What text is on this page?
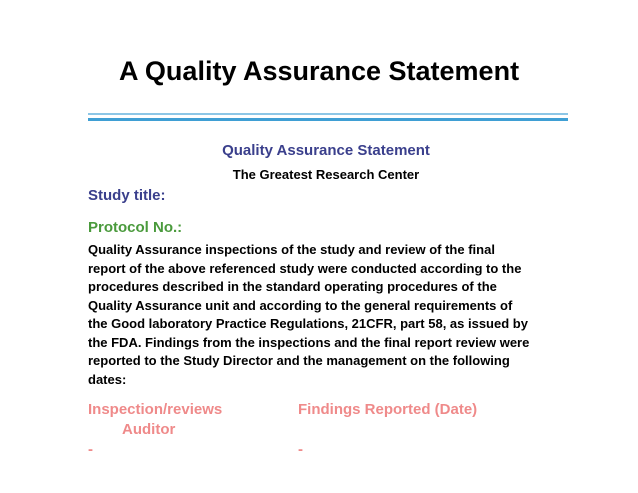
A Quality Assurance Statement
Quality Assurance Statement
The Greatest Research Center
Study title:
Protocol No.:
Quality Assurance inspections of the study and review of the final
report of the above referenced study were conducted according to the
procedures described in the standard operating procedures of the
Quality Assurance unit and according to the general requirements of
the Good laboratory Practice Regulations, 21CFR, part 58, as issued by
the FDA. Findings from the inspections and the final report review were
reported to the Study Director and the management on the following
dates:
Inspection/reviews
Auditor
Findings Reported (Date)
-	-
